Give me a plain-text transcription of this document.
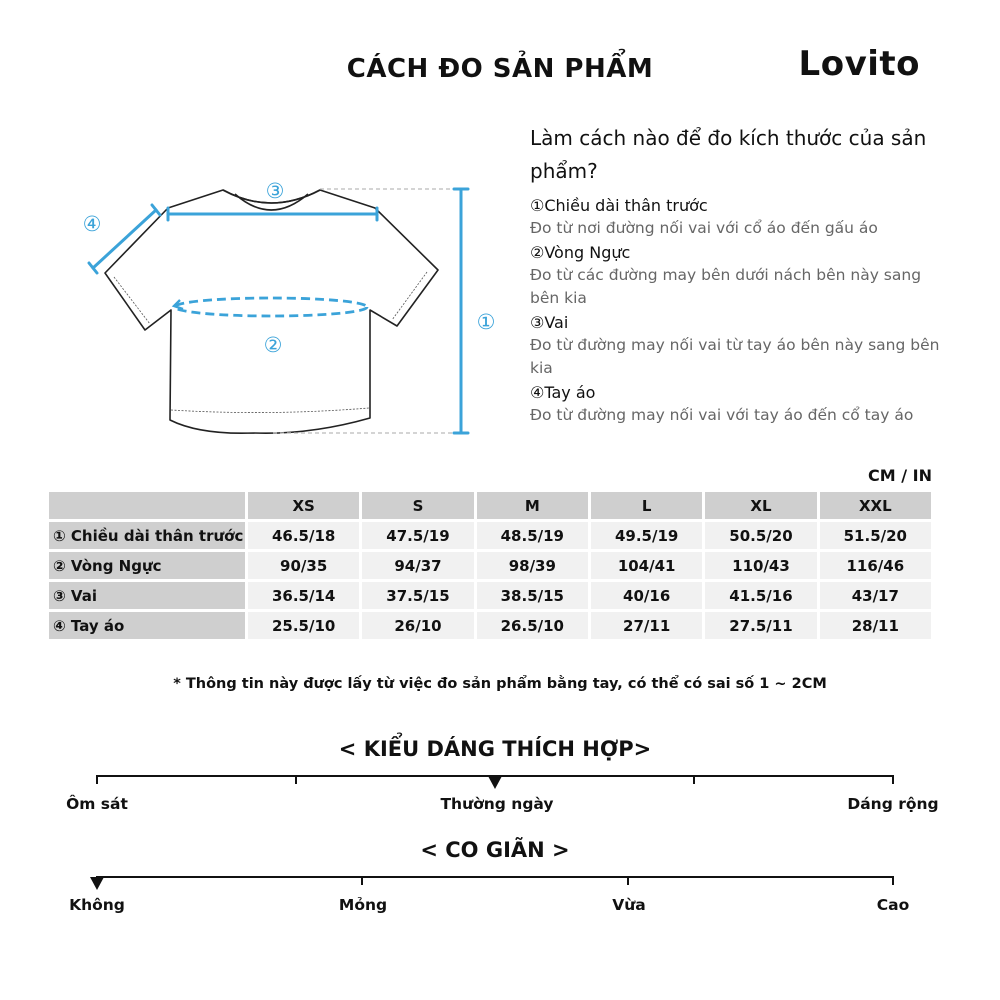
CÁCH ĐO SẢN PHẨM	Lovito
③
④
②
①
Làm cách nào để đo kích thước của sản phẩm?
①Chiều dài thân trước
Đo từ nơi đường nối vai với cổ áo đến gấu áo
②Vòng Ngực
Đo từ các đường may bên dưới nách bên này sang bên kia
③Vai
Đo từ đường may nối vai từ tay áo bên này sang bên kia
④Tay áo
Đo từ đường may nối vai với tay áo đến cổ tay áo
CM / IN
	XS	S	M	L	XL	XXL
① Chiều dài thân trước	46.5/18	47.5/19	48.5/19	49.5/19	50.5/20	51.5/20
② Vòng Ngực	90/35	94/37	98/39	104/41	110/43	116/46
③ Vai	36.5/14	37.5/15	38.5/15	40/16	41.5/16	43/17
④ Tay áo	25.5/10	26/10	26.5/10	27/11	27.5/11	28/11
* Thông tin này được lấy từ việc đo sản phẩm bằng tay, có thể có sai số 1 ~ 2CM
< KIỂU DÁNG THÍCH HỢP>
Ôm sát	Thường ngày	Dáng rộng
< CO GIÃN >
Không	Mỏng	Vừa	Cao
